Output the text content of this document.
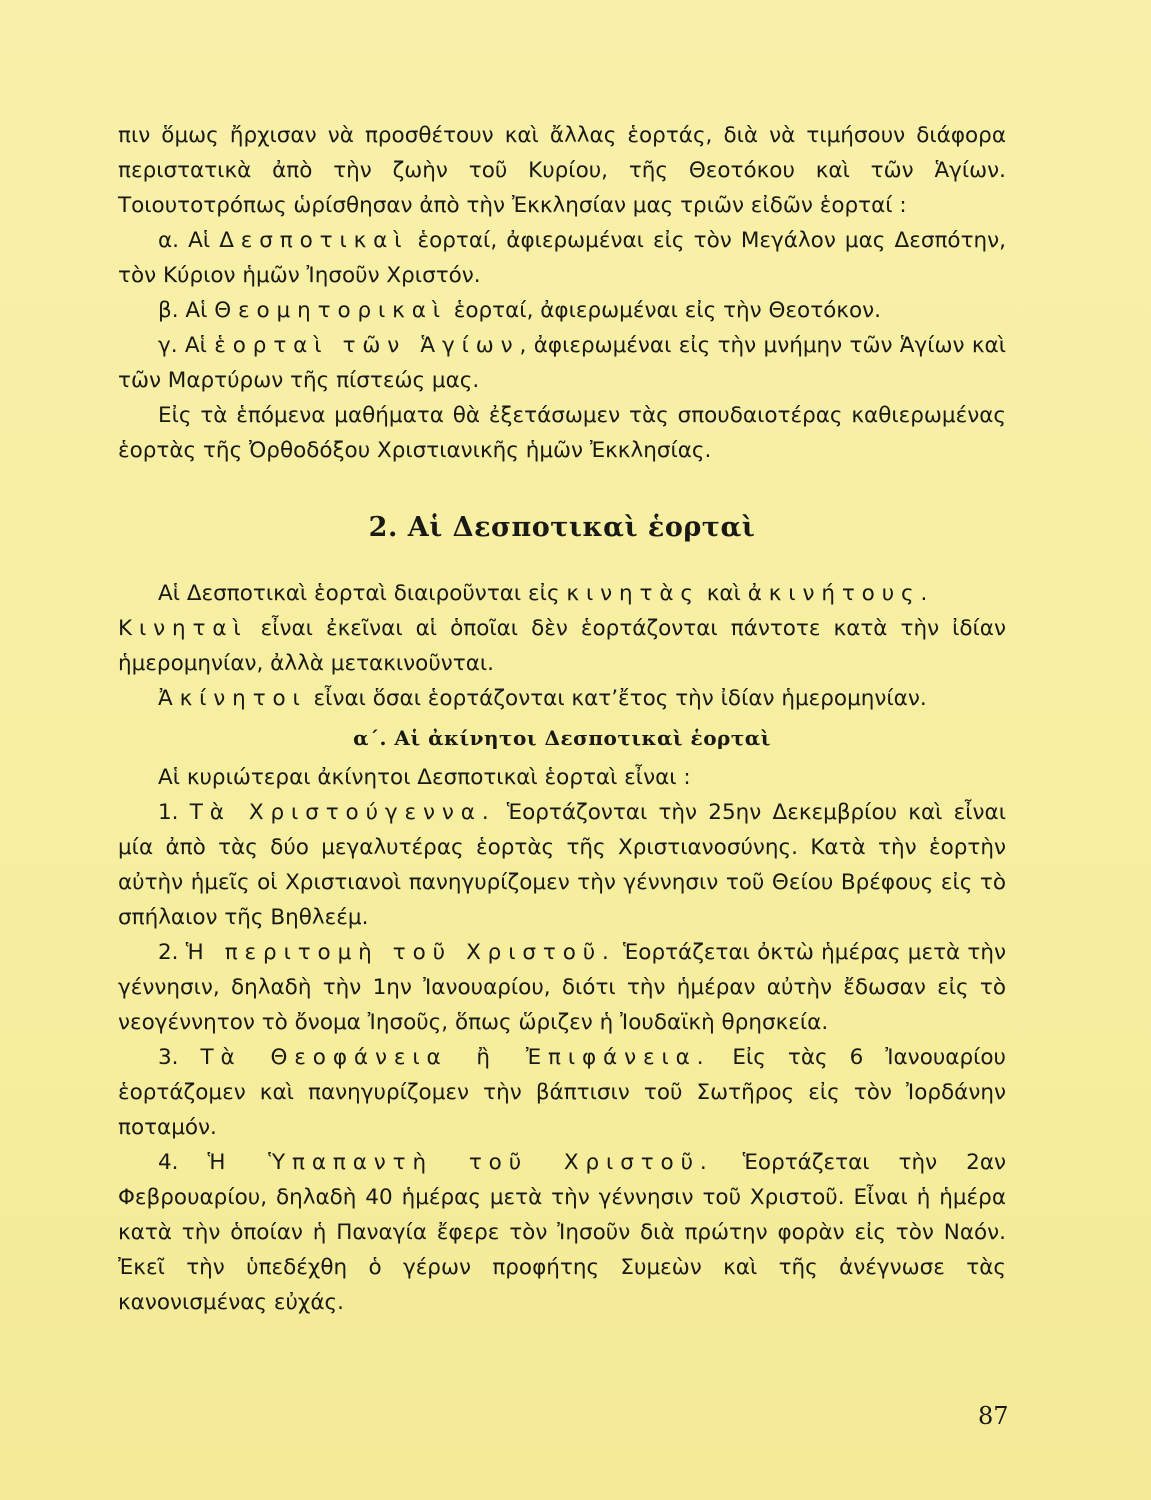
πιν ὅμως ἤρχισαν νὰ προσθέτουν καὶ ἄλλας ἑορτάς, διὰ νὰ τιμήσουν διάφορα περιστατικὰ ἀπὸ τὴν ζωὴν τοῦ Κυρίου, τῆς Θεοτόκου καὶ τῶν Ἁγίων. Τοιουτοτρόπως ὡρίσθησαν ἀπὸ τὴν Ἐκκλησίαν μας τριῶν εἰδῶν ἑορταί :

α. Αἱ Δεσποτικαὶ ἑορταί, ἀφιερωμέναι εἰς τὸν Μεγάλον μας Δεσπότην, τὸν Κύριον ἡμῶν Ἰησοῦν Χριστόν.

β. Αἱ Θεομητορικαὶ ἑορταί, ἀφιερωμέναι εἰς τὴν Θεοτόκον.

γ. Αἱ ἑορταὶ τῶν Ἁγίων, ἀφιερωμέναι εἰς τὴν μνήμην τῶν Ἁγίων καὶ τῶν Μαρτύρων τῆς πίστεώς μας.

Εἰς τὰ ἑπόμενα μαθήματα θὰ ἐξετάσωμεν τὰς σπουδαιοτέρας καθιερωμένας ἑορτὰς τῆς Ὀρθοδόξου Χριστιανικῆς ἡμῶν Ἐκκλησίας.

2. Αἱ Δεσποτικαὶ ἑορταὶ

Αἱ Δεσποτικαὶ ἑορταὶ διαιροῦνται εἰς κινητὰς καὶ ἀκινήτους.

Κινηταὶ εἶναι ἐκεῖναι αἱ ὁποῖαι δὲν ἑορτάζονται πάντοτε κατὰ τὴν ἰδίαν ἡμερομηνίαν, ἀλλὰ μετακινοῦνται.

Ἀκίνητοι εἶναι ὅσαι ἑορτάζονται κατ’ἔτος τὴν ἰδίαν ἡμερομηνίαν.

α΄. Αἱ ἀκίνητοι Δεσποτικαὶ ἑορταὶ

Αἱ κυριώτεραι ἀκίνητοι Δεσποτικαὶ ἑορταὶ εἶναι :

1. Τὰ Χριστούγεννα. Ἑορτάζονται τὴν 25ην Δεκεμβρίου καὶ εἶναι μία ἀπὸ τὰς δύο μεγαλυτέρας ἑορτὰς τῆς Χριστιανοσύνης. Κατὰ τὴν ἑορτὴν αὐτὴν ἡμεῖς οἱ Χριστιανοὶ πανηγυρίζομεν τὴν γέννησιν τοῦ Θείου Βρέφους εἰς τὸ σπήλαιον τῆς Βηθλεέμ.

2. Ἡ περιτομὴ τοῦ Χριστοῦ. Ἑορτάζεται ὀκτὼ ἡμέρας μετὰ τὴν γέννησιν, δηλαδὴ τὴν 1ην Ἰανουαρίου, διότι τὴν ἡμέραν αὐτὴν ἔδωσαν εἰς τὸ νεογέννητον τὸ ὄνομα Ἰησοῦς, ὅπως ὥριζεν ἡ Ἰουδαϊκὴ θρησκεία.

3. Τὰ Θεοφάνεια ἢ Ἐπιφάνεια. Εἰς τὰς 6 Ἰανουαρίου ἑορτάζομεν καὶ πανηγυρίζομεν τὴν βάπτισιν τοῦ Σωτῆρος εἰς τὸν Ἰορδάνην ποταμόν.

4. Ἡ Ὑπαπαντὴ τοῦ Χριστοῦ. Ἑορτάζεται τὴν 2αν Φεβρουαρίου, δηλαδὴ 40 ἡμέρας μετὰ τὴν γέννησιν τοῦ Χριστοῦ. Εἶναι ἡ ἡμέρα κατὰ τὴν ὁποίαν ἡ Παναγία ἔφερε τὸν Ἰησοῦν διὰ πρώτην φορὰν εἰς τὸν Ναόν. Ἐκεῖ τὴν ὑπεδέχθη ὁ γέρων προφήτης Συμεὼν καὶ τῆς ἀνέγνωσε τὰς κανονισμένας εὐχάς.

87
